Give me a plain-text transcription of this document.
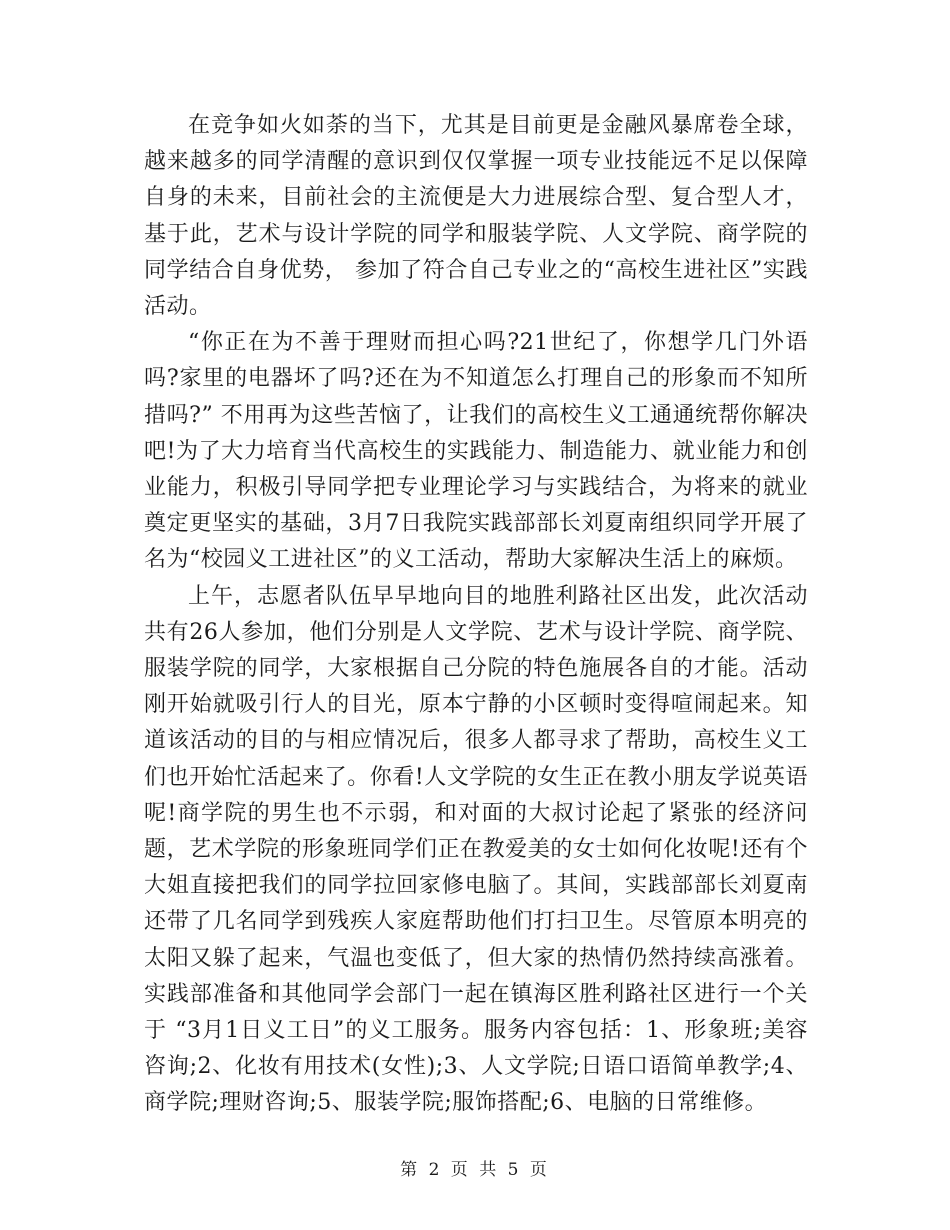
在竞争如火如荼的当下，尤其是目前更是金融风暴席卷全球，越来越多的同学清醒的意识到仅仅掌握一项专业技能远不足以保障自身的未来，目前社会的主流便是大力进展综合型、复合型人才，基于此，艺术与设计学院的同学和服装学院、人文学院、商学院的同学结合自身优势， 参加了符合自己专业之的“高校生进社区”实践活动。

“你正在为不善于理财而担心吗?21世纪了，你想学几门外语吗?家里的电器坏了吗?还在为不知道怎么打理自己的形象而不知所措吗?” 不用再为这些苦恼了，让我们的高校生义工通通统帮你解决吧!为了大力培育当代高校生的实践能力、制造能力、就业能力和创业能力，积极引导同学把专业理论学习与实践结合，为将来的就业奠定更坚实的基础，3月7日我院实践部部长刘夏南组织同学开展了名为“校园义工进社区”的义工活动，帮助大家解决生活上的麻烦。

上午，志愿者队伍早早地向目的地胜利路社区出发，此次活动共有26人参加，他们分别是人文学院、艺术与设计学院、商学院、服装学院的同学，大家根据自己分院的特色施展各自的才能。活动刚开始就吸引行人的目光，原本宁静的小区顿时变得喧闹起来。知道该活动的目的与相应情况后，很多人都寻求了帮助，高校生义工们也开始忙活起来了。你看!人文学院的女生正在教小朋友学说英语呢!商学院的男生也不示弱，和对面的大叔讨论起了紧张的经济问题，艺术学院的形象班同学们正在教爱美的女士如何化妆呢!还有个大姐直接把我们的同学拉回家修电脑了。其间，实践部部长刘夏南还带了几名同学到残疾人家庭帮助他们打扫卫生。尽管原本明亮的太阳又躲了起来，气温也变低了，但大家的热情仍然持续高涨着。实践部准备和其他同学会部门一起在镇海区胜利路社区进行一个关于 “3月1日义工日”的义工服务。服务内容包括：1、形象班;美容咨询;2、化妆有用技术(女性);3、人文学院;日语口语简单教学;4、商学院;理财咨询;5、服装学院;服饰搭配;6、电脑的日常维修。

第 2 页 共 5 页
